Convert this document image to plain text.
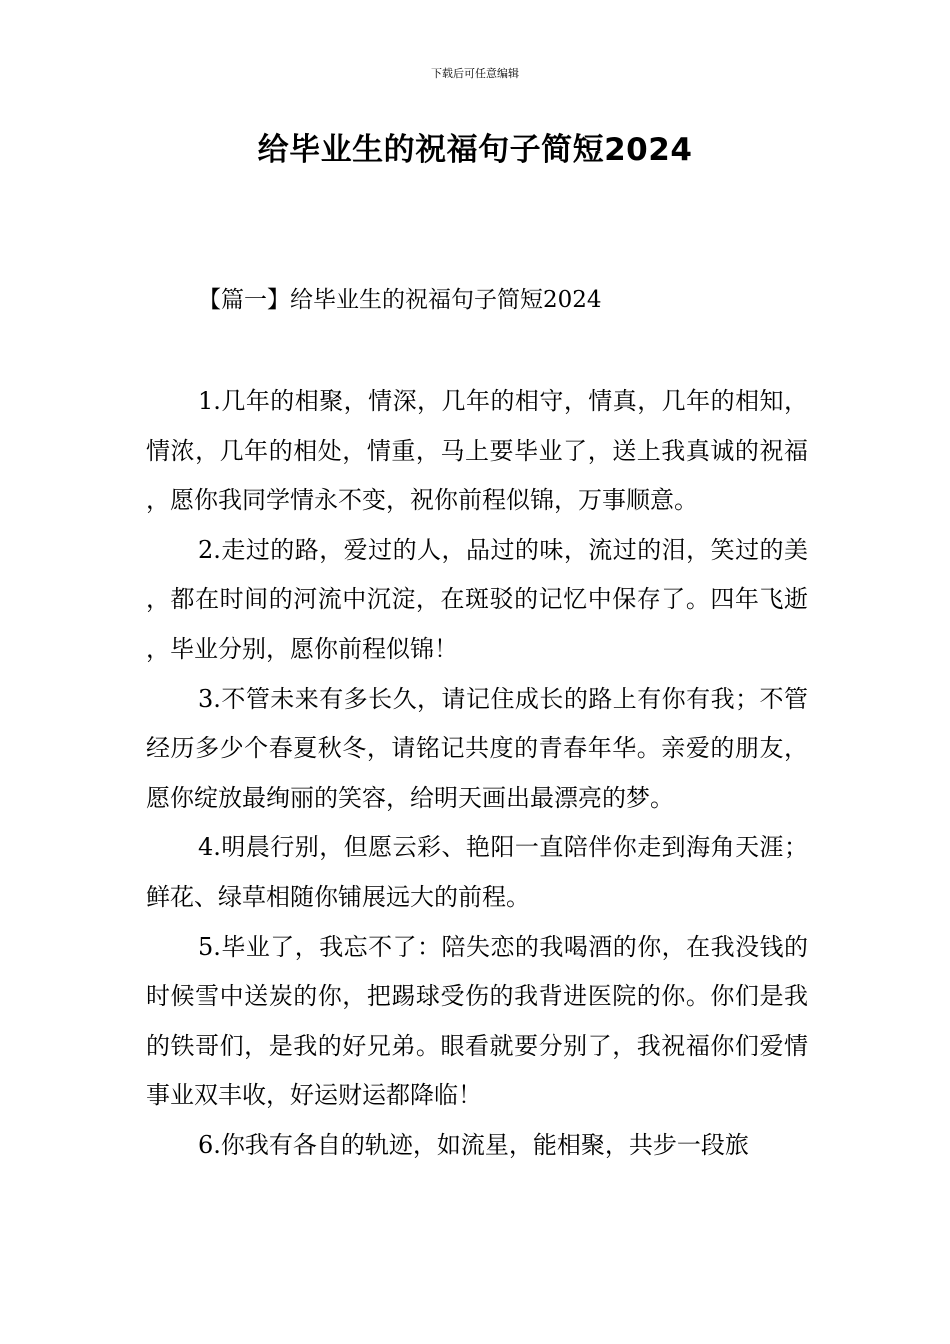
下载后可任意编辑
给毕业生的祝福句子简短2024
【篇一】给毕业生的祝福句子简短2024

1.几年的相聚，情深，几年的相守，情真，几年的相知，情浓，几年的相处，情重，马上要毕业了，送上我真诚的祝福，愿你我同学情永不变，祝你前程似锦，万事顺意。

2.走过的路，爱过的人，品过的味，流过的泪，笑过的美，都在时间的河流中沉淀，在斑驳的记忆中保存了。四年飞逝，毕业分别，愿你前程似锦！

3.不管未来有多长久，请记住成长的路上有你有我；不管经历多少个春夏秋冬，请铭记共度的青春年华。亲爱的朋友，愿你绽放最绚丽的笑容，给明天画出最漂亮的梦。

4.明晨行别，但愿云彩、艳阳一直陪伴你走到海角天涯；鲜花、绿草相随你铺展远大的前程。

5.毕业了，我忘不了：陪失恋的我喝酒的你，在我没钱的时候雪中送炭的你，把踢球受伤的我背进医院的你。你们是我的铁哥们，是我的好兄弟。眼看就要分别了，我祝福你们爱情事业双丰收，好运财运都降临！

6.你我有各自的轨迹，如流星，能相聚，共步一段旅
